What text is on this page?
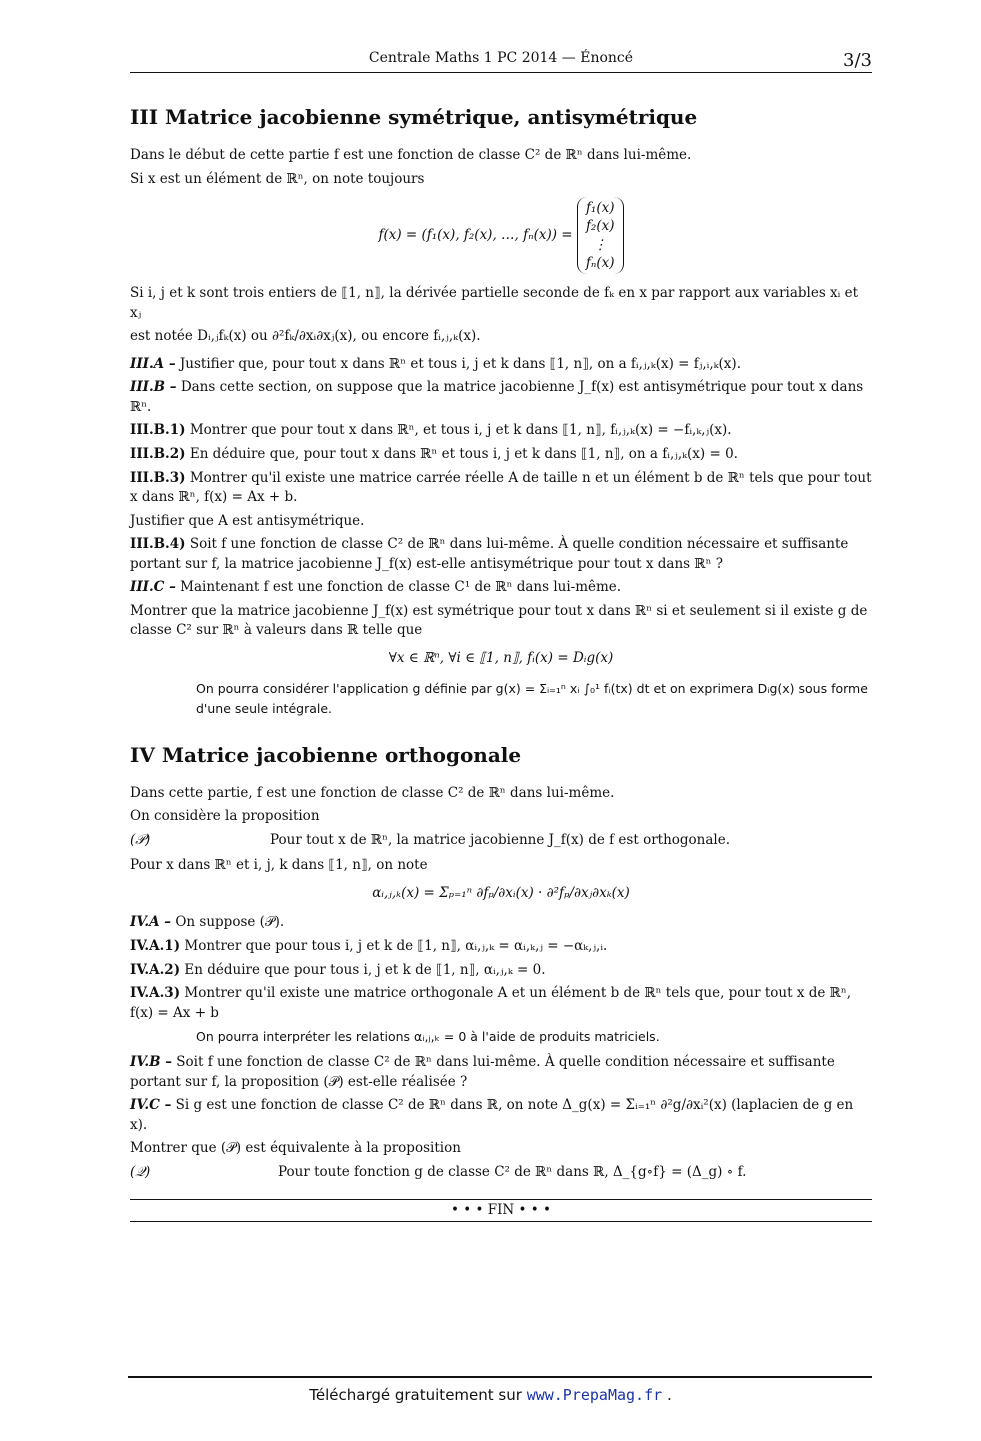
Centrale Maths 1 PC 2014 — Énoncé	3/3
III Matrice jacobienne symétrique, antisymétrique

Dans le début de cette partie f est une fonction de classe C² de ℝⁿ dans lui-même.

Si x est un élément de ℝⁿ, on note toujours

f(x) = (f₁(x), f₂(x), …, fₙ(x)) = f₁(x)
f₂(x)
⋮
fₙ(x)

Si i, j et k sont trois entiers de ⟦1, n⟧, la dérivée partielle seconde de fₖ en x par rapport aux variables xᵢ et xⱼ

est notée Dᵢ,ⱼfₖ(x) ou ∂²fₖ/∂xᵢ∂xⱼ(x), ou encore fᵢ,ⱼ,ₖ(x).

III.A – Justifier que, pour tout x dans ℝⁿ et tous i, j et k dans ⟦1, n⟧, on a fᵢ,ⱼ,ₖ(x) = fⱼ,ᵢ,ₖ(x).

III.B – Dans cette section, on suppose que la matrice jacobienne J_f(x) est antisymétrique pour tout x dans ℝⁿ.

III.B.1) Montrer que pour tout x dans ℝⁿ, et tous i, j et k dans ⟦1, n⟧, fᵢ,ⱼ,ₖ(x) = −fᵢ,ₖ,ⱼ(x).

III.B.2) En déduire que, pour tout x dans ℝⁿ et tous i, j et k dans ⟦1, n⟧, on a fᵢ,ⱼ,ₖ(x) = 0.

III.B.3) Montrer qu'il existe une matrice carrée réelle A de taille n et un élément b de ℝⁿ tels que pour tout x dans ℝⁿ, f(x) = Ax + b.

Justifier que A est antisymétrique.

III.B.4) Soit f une fonction de classe C² de ℝⁿ dans lui-même. À quelle condition nécessaire et suffisante portant sur f, la matrice jacobienne J_f(x) est-elle antisymétrique pour tout x dans ℝⁿ ?

III.C – Maintenant f est une fonction de classe C¹ de ℝⁿ dans lui-même.

Montrer que la matrice jacobienne J_f(x) est symétrique pour tout x dans ℝⁿ si et seulement si il existe g de classe C² sur ℝⁿ à valeurs dans ℝ telle que

∀x ∈ ℝⁿ, ∀i ∈ ⟦1, n⟧, fᵢ(x) = Dᵢg(x)
On pourra considérer l'application g définie par g(x) = Σᵢ₌₁ⁿ xᵢ ∫₀¹ fᵢ(tx) dt et on exprimera Dᵢg(x) sous forme d'une seule intégrale.
IV Matrice jacobienne orthogonale

Dans cette partie, f est une fonction de classe C² de ℝⁿ dans lui-même.

On considère la proposition

(𝒫)	Pour tout x de ℝⁿ, la matrice jacobienne J_f(x) de f est orthogonale.

Pour x dans ℝⁿ et i, j, k dans ⟦1, n⟧, on note

αᵢ,ⱼ,ₖ(x) = Σₚ₌₁ⁿ ∂fₚ/∂xᵢ(x) · ∂²fₚ/∂xⱼ∂xₖ(x)

IV.A – On suppose (𝒫).

IV.A.1) Montrer que pour tous i, j et k de ⟦1, n⟧, αᵢ,ⱼ,ₖ = αᵢ,ₖ,ⱼ = −αₖ,ⱼ,ᵢ.

IV.A.2) En déduire que pour tous i, j et k de ⟦1, n⟧, αᵢ,ⱼ,ₖ = 0.

IV.A.3) Montrer qu'il existe une matrice orthogonale A et un élément b de ℝⁿ tels que, pour tout x de ℝⁿ, f(x) = Ax + b

On pourra interpréter les relations αᵢ,ⱼ,ₖ = 0 à l'aide de produits matriciels.

IV.B – Soit f une fonction de classe C² de ℝⁿ dans lui-même. À quelle condition nécessaire et suffisante portant sur f, la proposition (𝒫) est-elle réalisée ?

IV.C – Si g est une fonction de classe C² de ℝⁿ dans ℝ, on note Δ_g(x) = Σᵢ₌₁ⁿ ∂²g/∂xᵢ²(x) (laplacien de g en x).

Montrer que (𝒫) est équivalente à la proposition

(𝒬)	Pour toute fonction g de classe C² de ℝⁿ dans ℝ, Δ_{g∘f} = (Δ_g) ∘ f.
• • • FIN • • •
Téléchargé gratuitement sur www.PrepaMag.fr .
